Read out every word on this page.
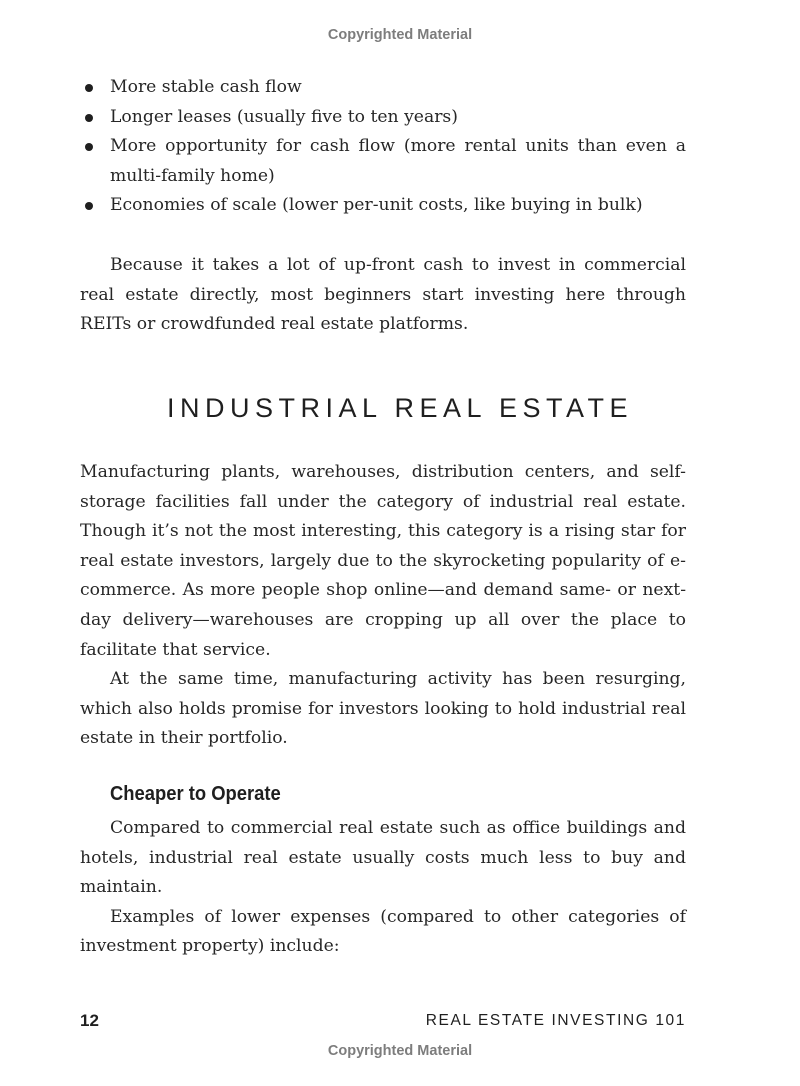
Copyrighted Material
More stable cash flow
Longer leases (usually five to ten years)
More opportunity for cash flow (more rental units than even a multi-family home)
Economies of scale (lower per-unit costs, like buying in bulk)

Because it takes a lot of up-front cash to invest in commercial real estate directly, most beginners start investing here through REITs or crowdfunded real estate platforms.

INDUSTRIAL REAL ESTATE

Manufacturing plants, warehouses, distribution centers, and self-storage facilities fall under the category of industrial real estate. Though it’s not the most interesting, this category is a rising star for real estate investors, largely due to the skyrocketing popularity of e-commerce. As more people shop online—and demand same- or next-day delivery—warehouses are cropping up all over the place to facilitate that service.

At the same time, manufacturing activity has been resurging, which also holds promise for investors looking to hold industrial real estate in their portfolio.

Cheaper to Operate

Compared to commercial real estate such as office buildings and hotels, industrial real estate usually costs much less to buy and maintain.

Examples of lower expenses (compared to other categories of investment property) include:

12	REAL ESTATE INVESTING 101
Copyrighted Material
